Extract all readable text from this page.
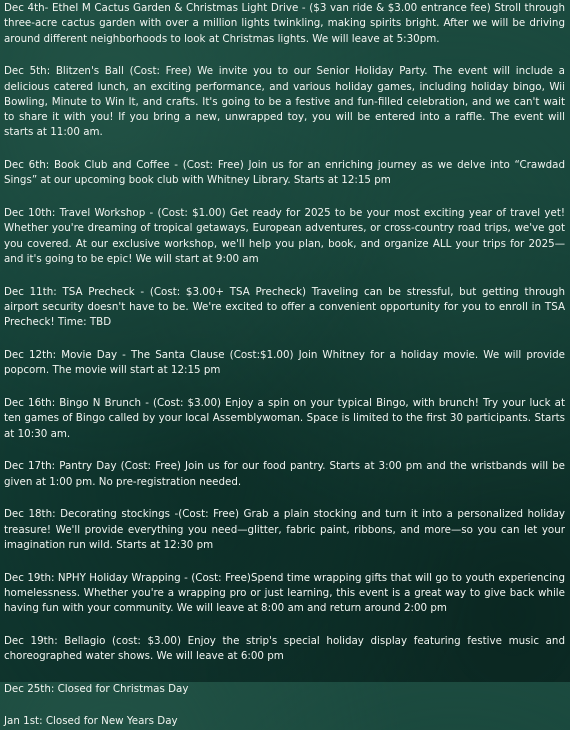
Dec 4th- Ethel M Cactus Garden & Christmas Light Drive - ($3 van ride & $3.00 entrance fee) Stroll through three-acre cactus garden with over a million lights twinkling, making spirits bright. After we will be driving around different neighborhoods to look at Christmas lights. We will leave at 5:30pm.

Dec 5th: Blitzen's Ball (Cost: Free) We invite you to our Senior Holiday Party. The event will include a delicious catered lunch, an exciting performance, and various holiday games, including holiday bingo, Wii Bowling, Minute to Win It, and crafts. It's going to be a festive and fun-filled celebration, and we can't wait to share it with you! If you bring a new, unwrapped toy, you will be entered into a raffle. The event will starts at 11:00 am.

Dec 6th: Book Club and Coffee - (Cost: Free) Join us for an enriching journey as we delve into “Crawdad Sings” at our upcoming book club with Whitney Library. Starts at 12:15 pm

Dec 10th: Travel Workshop - (Cost: $1.00) Get ready for 2025 to be your most exciting year of travel yet! Whether you're dreaming of tropical getaways, European adventures, or cross-country road trips, we've got you covered. At our exclusive workshop, we'll help you plan, book, and organize ALL your trips for 2025—and it's going to be epic! We will start at 9:00 am

Dec 11th: TSA Precheck - (Cost: $3.00+ TSA Precheck) Traveling can be stressful, but getting through airport security doesn't have to be. We're excited to offer a convenient opportunity for you to enroll in TSA Precheck! Time: TBD

Dec 12th: Movie Day - The Santa Clause (Cost:$1.00) Join Whitney for a holiday movie. We will provide popcorn. The movie will start at 12:15 pm

Dec 16th: Bingo N Brunch - (Cost: $3.00) Enjoy a spin on your typical Bingo, with brunch! Try your luck at ten games of Bingo called by your local Assemblywoman. Space is limited to the first 30 participants. Starts at 10:30 am.

Dec 17th: Pantry Day (Cost: Free) Join us for our food pantry. Starts at 3:00 pm and the wristbands will be given at 1:00 pm. No pre-registration needed.

Dec 18th: Decorating stockings -(Cost: Free) Grab a plain stocking and turn it into a personalized holiday treasure! We'll provide everything you need—glitter, fabric paint, ribbons, and more—so you can let your imagination run wild. Starts at 12:30 pm

Dec 19th: NPHY Holiday Wrapping - (Cost: Free)Spend time wrapping gifts that will go to youth experiencing homelessness. Whether you're a wrapping pro or just learning, this event is a great way to give back while having fun with your community. We will leave at 8:00 am and return around 2:00 pm

Dec 19th: Bellagio (cost: $3.00) Enjoy the strip's special holiday display featuring festive music and choreographed water shows. We will leave at 6:00 pm

Dec 25th: Closed for Christmas Day

Jan 1st: Closed for New Years Day
